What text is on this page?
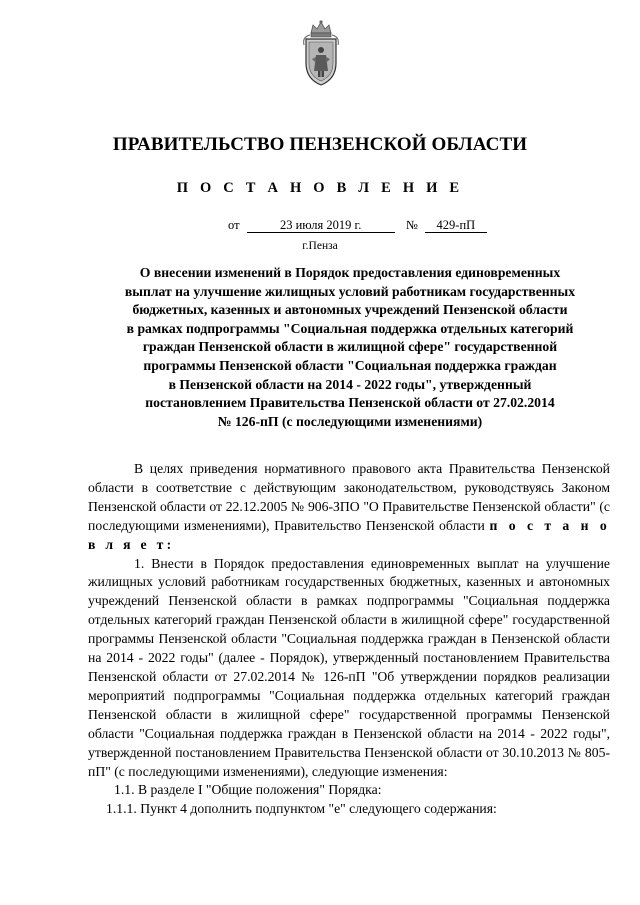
ПРАВИТЕЛЬСТВО ПЕНЗЕНСКОЙ ОБЛАСТИ
П О С Т А Н О В Л Е Н И Е
от	23 июля 2019 г.	№ 429-пП
г.Пенза
О внесении изменений в Порядок предоставления единовременных
выплат на улучшение жилищных условий работникам государственных
бюджетных, казенных и автономных учреждений Пензенской области
в рамках подпрограммы "Социальная поддержка отдельных категорий
граждан Пензенской области в жилищной сфере" государственной
программы Пензенской области "Социальная поддержка граждан
в Пензенской области на 2014 - 2022 годы", утвержденный
постановлением Правительства Пензенской области от 27.02.2014
№ 126-пП (с последующими изменениями)

В целях приведения нормативного правового акта Правительства Пензенской области в соответствие с действующим законодательством, руководствуясь Законом Пензенской области от 22.12.2005 № 906-ЗПО "О Правительстве Пензенской области" (с последующими изменениями), Правительство Пензенской области п о с т а н о в л я е т:

1. Внести в Порядок предоставления единовременных выплат на улучшение жилищных условий работникам государственных бюджетных, казенных и автономных учреждений Пензенской области в рамках подпрограммы "Социальная поддержка отдельных категорий граждан Пензенской области в жилищной сфере" государственной программы Пензенской области "Социальная поддержка граждан в Пензенской области на 2014 - 2022 годы" (далее - Порядок), утвержденный постановлением Правительства Пензенской области от 27.02.2014 № 126-пП "Об утверждении порядков реализации мероприятий подпрограммы "Социальная поддержка отдельных категорий граждан Пензенской области в жилищной сфере" государственной программы Пензенской области "Социальная поддержка граждан в Пензенской области на 2014 - 2022 годы", утвержденной постановлением Правительства Пензенской области от 30.10.2013 № 805-пП" (с последующими изменениями), следующие изменения:

1.1. В разделе I "Общие положения" Порядка:

1.1.1. Пункт 4 дополнить подпунктом "е" следующего содержания:
